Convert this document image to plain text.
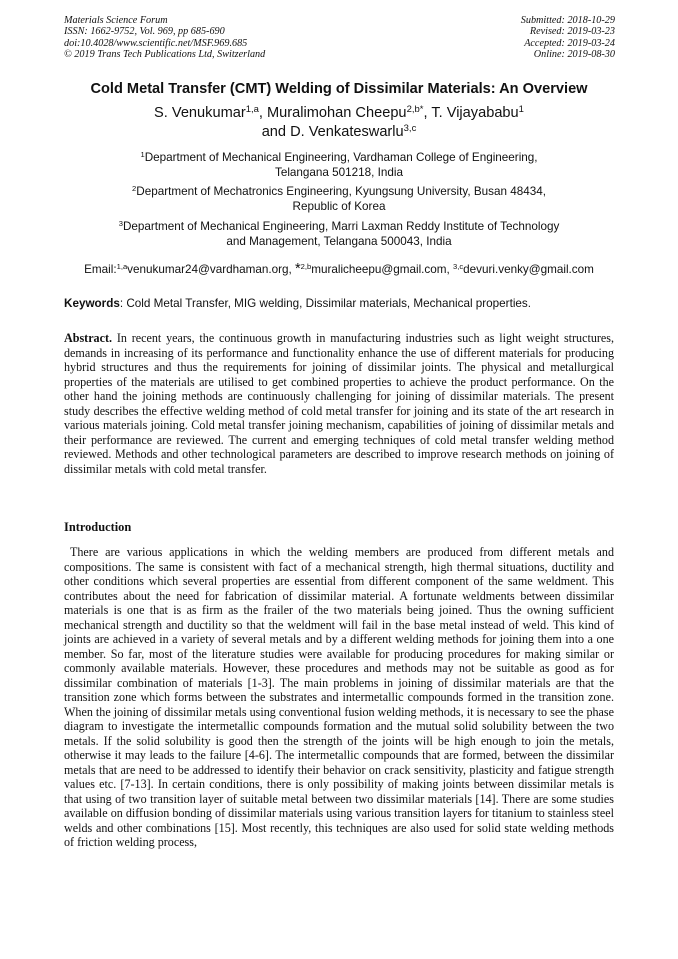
Materials Science Forum
ISSN: 1662-9752, Vol. 969, pp 685-690
doi:10.4028/www.scientific.net/MSF.969.685
© 2019 Trans Tech Publications Ltd, Switzerland
Submitted: 2018-10-29
Revised: 2019-03-23
Accepted: 2019-03-24
Online: 2019-08-30
Cold Metal Transfer (CMT) Welding of Dissimilar Materials: An Overview
S. Venukumar$^{1,a}$, Muralimohan Cheepu$^{2,b*}$, T. Vijayababu$^1$
and D. Venkateswarlu$^{3,c}$
$^1$Department of Mechanical Engineering, Vardhaman College of Engineering,
Telangana 501218, India
$^2$Department of Mechatronics Engineering, Kyungsung University, Busan 48434,
Republic of Korea
$^3$Department of Mechanical Engineering, Marri Laxman Reddy Institute of Technology
and Management, Telangana 500043, India
Email:$^{1,a}$venukumar24@vardhaman.org, *$^{2,b}$muralicheepu@gmail.com, $^{3,c}$devuri.venky@gmail.com
Keywords: Cold Metal Transfer, MIG welding, Dissimilar materials, Mechanical properties.
Abstract. In recent years, the continuous growth in manufacturing industries such as light weight structures, demands in increasing of its performance and functionality enhance the use of different materials for producing hybrid structures and thus the requirements for joining of dissimilar joints. The physical and metallurgical properties of the materials are utilised to get combined properties to achieve the product performance. On the other hand the joining methods are continuously challenging for joining of dissimilar materials. The present study describes the effective welding method of cold metal transfer for joining and its state of the art research in various materials joining. Cold metal transfer joining mechanism, capabilities of joining of dissimilar metals and their performance are reviewed. The current and emerging techniques of cold metal transfer welding method reviewed. Methods and other technological parameters are described to improve research methods on joining of dissimilar metals with cold metal transfer.
Introduction
There are various applications in which the welding members are produced from different metals and compositions. The same is consistent with fact of a mechanical strength, high thermal situations, ductility and other conditions which several properties are essential from different component of the same weldment. This contributes about the need for fabrication of dissimilar material. A fortunate weldments between dissimilar materials is one that is as firm as the frailer of the two materials being joined. Thus the owning sufficient mechanical strength and ductility so that the weldment will fail in the base metal instead of weld. This kind of joints are achieved in a variety of several metals and by a different welding methods for joining them into a one member. So far, most of the literature studies were available for producing procedures for making similar or commonly available materials. However, these procedures and methods may not be suitable as good as for dissimilar combination of materials [1-3]. The main problems in joining of dissimilar materials are that the transition zone which forms between the substrates and intermetallic compounds formed in the transition zone. When the joining of dissimilar metals using conventional fusion welding methods, it is necessary to see the phase diagram to investigate the intermetallic compounds formation and the mutual solid solubility between the two metals. If the solid solubility is good then the strength of the joints will be high enough to join the metals, otherwise it may leads to the failure [4-6]. The intermetallic compounds that are formed, between the dissimilar metals that are need to be addressed to identify their behavior on crack sensitivity, plasticity and fatigue strength values etc. [7-13]. In certain conditions, there is only possibility of making joints between dissimilar metals is that using of two transition layer of suitable metal between two dissimilar materials [14]. There are some studies available on diffusion bonding of dissimilar materials using various transition layers for titanium to stainless steel welds and other combinations [15]. Most recently, this techniques are also used for solid state welding methods of friction welding process,
